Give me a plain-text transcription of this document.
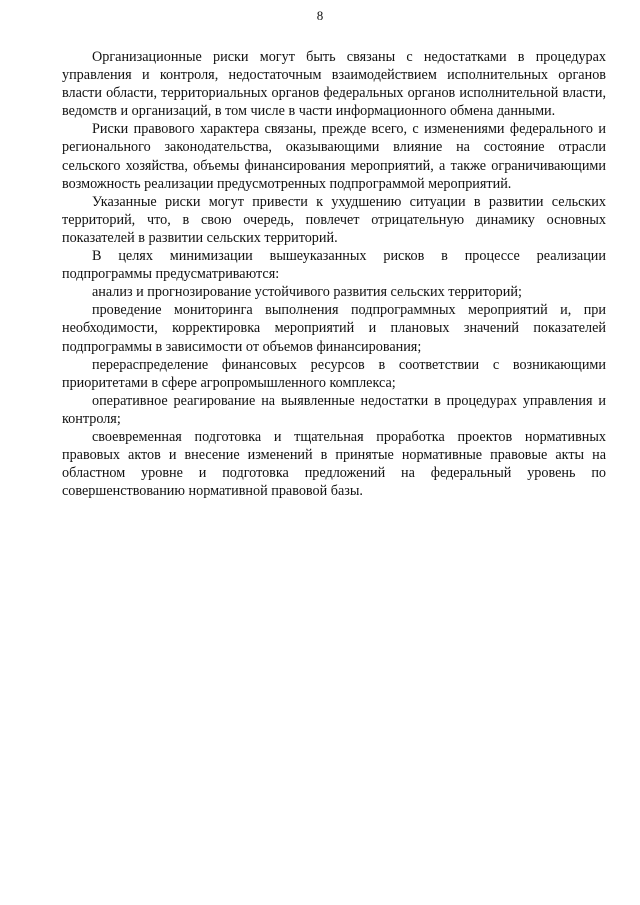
8

Организационные риски могут быть связаны с недостатками в процедурах управления и контроля, недостаточным взаимодействием исполнительных органов власти области, территориальных органов федеральных органов исполнительной власти, ведомств и организаций, в том числе в части информационного обмена данными.

Риски правового характера связаны, прежде всего, с изменениями федерального и регионального законодательства, оказывающими влияние на состояние отрасли сельского хозяйства, объемы финансирования мероприятий, а также ограничивающими возможность реализации предусмотренных подпрограммой мероприятий.

Указанные риски могут привести к ухудшению ситуации в развитии сельских территорий, что, в свою очередь, повлечет отрицательную динамику основных показателей в развитии сельских территорий.

В целях минимизации вышеуказанных рисков в процессе реализации подпрограммы предусматриваются:

анализ и прогнозирование устойчивого развития сельских территорий;

проведение мониторинга выполнения подпрограммных мероприятий и, при необходимости, корректировка мероприятий и плановых значений показателей подпрограммы в зависимости от объемов финансирования;

перераспределение финансовых ресурсов в соответствии с возникающими приоритетами в сфере агропромышленного комплекса;

оперативное реагирование на выявленные недостатки в процедурах управления и контроля;

своевременная подготовка и тщательная проработка проектов нормативных правовых актов и внесение изменений в принятые нормативные правовые акты на областном уровне и подготовка предложений на федеральный уровень по совершенствованию нормативной правовой базы.
